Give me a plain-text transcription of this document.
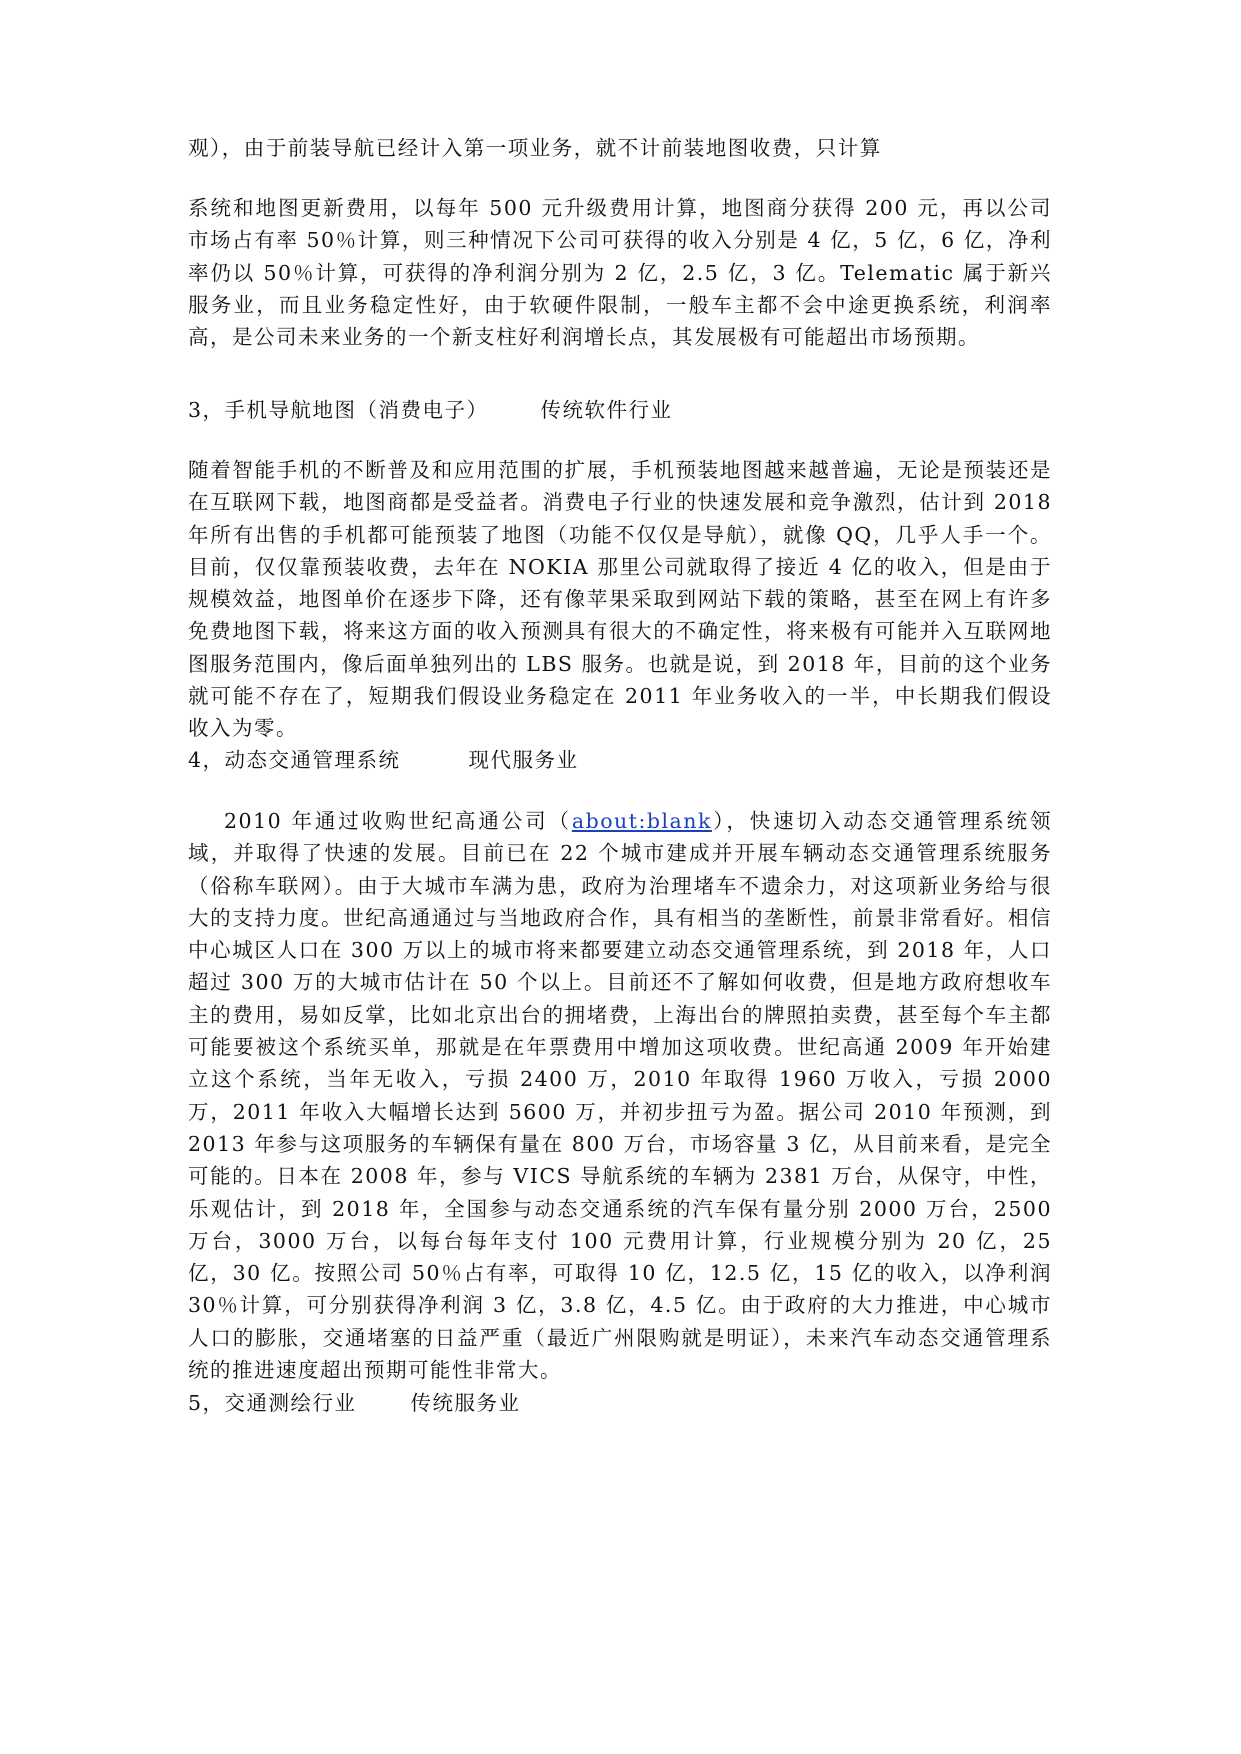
观），由于前装导航已经计入第一项业务，就不计前装地图收费，只计算
系统和地图更新费用，以每年 500 元升级费用计算，地图商分获得 200 元，再以公司市场占有率 50％计算，则三种情况下公司可获得的收入分别是 4 亿，5 亿，6 亿，净利率仍以 50％计算，可获得的净利润分别为 2 亿，2.5 亿，3 亿。Telematic 属于新兴服务业，而且业务稳定性好，由于软硬件限制，一般车主都不会中途更换系统，利润率高，是公司未来业务的一个新支柱好利润增长点，其发展极有可能超出市场预期。
3，手机导航地图（消费电子）	传统软件行业
随着智能手机的不断普及和应用范围的扩展，手机预装地图越来越普遍，无论是预装还是在互联网下载，地图商都是受益者。消费电子行业的快速发展和竞争激烈，估计到 2018 年所有出售的手机都可能预装了地图（功能不仅仅是导航），就像 QQ，几乎人手一个。目前，仅仅靠预装收费，去年在 NOKIA 那里公司就取得了接近 4 亿的收入，但是由于规模效益，地图单价在逐步下降，还有像苹果采取到网站下载的策略，甚至在网上有许多免费地图下载，将来这方面的收入预测具有很大的不确定性，将来极有可能并入互联网地图服务范围内，像后面单独列出的 LBS 服务。也就是说，到 2018 年，目前的这个业务就可能不存在了，短期我们假设业务稳定在 2011 年业务收入的一半，中长期我们假设收入为零。
4，动态交通管理系统	现代服务业
2010 年通过收购世纪高通公司（about:blank），快速切入动态交通管理系统领域，并取得了快速的发展。目前已在 22 个城市建成并开展车辆动态交通管理系统服务（俗称车联网）。由于大城市车满为患，政府为治理堵车不遗余力，对这项新业务给与很大的支持力度。世纪高通通过与当地政府合作，具有相当的垄断性，前景非常看好。相信中心城区人口在 300 万以上的城市将来都要建立动态交通管理系统，到 2018 年，人口超过 300 万的大城市估计在 50 个以上。目前还不了解如何收费，但是地方政府想收车主的费用，易如反掌，比如北京出台的拥堵费，上海出台的牌照拍卖费，甚至每个车主都可能要被这个系统买单，那就是在年票费用中增加这项收费。世纪高通 2009 年开始建立这个系统，当年无收入，亏损 2400 万，2010 年取得 1960 万收入，亏损 2000 万，2011 年收入大幅增长达到 5600 万，并初步扭亏为盈。据公司 2010 年预测，到 2013 年参与这项服务的车辆保有量在 800 万台，市场容量 3 亿，从目前来看，是完全可能的。日本在 2008 年，参与 VICS 导航系统的车辆为 2381 万台，从保守，中性，乐观估计，到 2018 年，全国参与动态交通系统的汽车保有量分别 2000 万台，2500 万台，3000 万台，以每台每年支付 100 元费用计算，行业规模分别为 20 亿，25 亿，30 亿。按照公司 50％占有率，可取得 10 亿，12.5 亿，15 亿的收入，以净利润 30％计算，可分别获得净利润 3 亿，3.8 亿，4.5 亿。由于政府的大力推进，中心城市人口的膨胀，交通堵塞的日益严重（最近广州限购就是明证），未来汽车动态交通管理系统的推进速度超出预期可能性非常大。
5，交通测绘行业	传统服务业
